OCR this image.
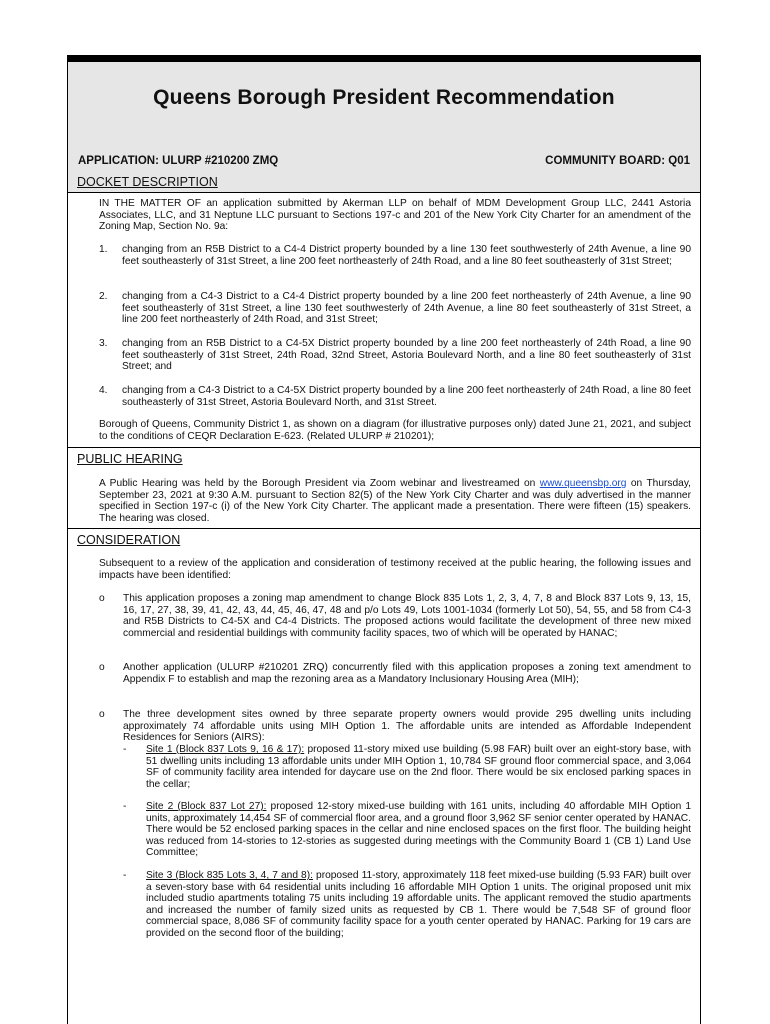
Queens Borough President Recommendation
APPLICATION: ULURP #210200 ZMQ	COMMUNITY BOARD: Q01
DOCKET DESCRIPTION
IN THE MATTER OF an application submitted by Akerman LLP on behalf of MDM Development Group LLC, 2441 Astoria Associates, LLC, and 31 Neptune LLC pursuant to Sections 197-c and 201 of the New York City Charter for an amendment of the Zoning Map, Section No. 9a:
1. changing from an R5B District to a C4-4 District property bounded by a line 130 feet southwesterly of 24th Avenue, a line 90 feet southeasterly of 31st Street, a line 200 feet northeasterly of 24th Road, and a line 80 feet southeasterly of 31st Street;
2. changing from a C4-3 District to a C4-4 District property bounded by a line 200 feet northeasterly of 24th Avenue, a line 90 feet southeasterly of 31st Street, a line 130 feet southwesterly of 24th Avenue, a line 80 feet southeasterly of 31st Street, a line 200 feet northeasterly of 24th Road, and 31st Street;
3. changing from an R5B District to a C4-5X District property bounded by a line 200 feet northeasterly of 24th Road, a line 90 feet southeasterly of 31st Street, 24th Road, 32nd Street, Astoria Boulevard North, and a line 80 feet southeasterly of 31st Street; and
4. changing from a C4-3 District to a C4-5X District property bounded by a line 200 feet northeasterly of 24th Road, a line 80 feet southeasterly of 31st Street, Astoria Boulevard North, and 31st Street.
Borough of Queens, Community District 1, as shown on a diagram (for illustrative purposes only) dated June 21, 2021, and subject to the conditions of CEQR Declaration E-623. (Related ULURP # 210201);
PUBLIC HEARING
A Public Hearing was held by the Borough President via Zoom webinar and livestreamed on www.queensbp.org on Thursday, September 23, 2021 at 9:30 A.M. pursuant to Section 82(5) of the New York City Charter and was duly advertised in the manner specified in Section 197-c (i) of the New York City Charter. The applicant made a presentation. There were fifteen (15) speakers. The hearing was closed.
CONSIDERATION
Subsequent to a review of the application and consideration of testimony received at the public hearing, the following issues and impacts have been identified:
o This application proposes a zoning map amendment to change Block 835 Lots 1, 2, 3, 4, 7, 8 and Block 837 Lots 9, 13, 15, 16, 17, 27, 38, 39, 41, 42, 43, 44, 45, 46, 47, 48 and p/o Lots 49, Lots 1001-1034 (formerly Lot 50), 54, 55, and 58 from C4-3 and R5B Districts to C4-5X and C4-4 Districts. The proposed actions would facilitate the development of three new mixed commercial and residential buildings with community facility spaces, two of which will be operated by HANAC;
o Another application (ULURP #210201 ZRQ) concurrently filed with this application proposes a zoning text amendment to Appendix F to establish and map the rezoning area as a Mandatory Inclusionary Housing Area (MIH);
o The three development sites owned by three separate property owners would provide 295 dwelling units including approximately 74 affordable units using MIH Option 1. The affordable units are intended as Affordable Independent Residences for Seniors (AIRS):
- Site 1 (Block 837 Lots 9, 16 & 17): proposed 11-story mixed use building (5.98 FAR) built over an eight-story base, with 51 dwelling units including 13 affordable units under MIH Option 1, 10,784 SF ground floor commercial space, and 3,064 SF of community facility area intended for daycare use on the 2nd floor. There would be six enclosed parking spaces in the cellar;
- Site 2 (Block 837 Lot 27): proposed 12-story mixed-use building with 161 units, including 40 affordable MIH Option 1 units, approximately 14,454 SF of commercial floor area, and a ground floor 3,962 SF senior center operated by HANAC. There would be 52 enclosed parking spaces in the cellar and nine enclosed spaces on the first floor. The building height was reduced from 14-stories to 12-stories as suggested during meetings with the Community Board 1 (CB 1) Land Use Committee;
- Site 3 (Block 835 Lots 3, 4, 7 and 8): proposed 11-story, approximately 118 feet mixed-use building (5.93 FAR) built over a seven-story base with 64 residential units including 16 affordable MIH Option 1 units. The original proposed unit mix included studio apartments totaling 75 units including 19 affordable units. The applicant removed the studio apartments and increased the number of family sized units as requested by CB 1. There would be 7,548 SF of ground floor commercial space, 8,086 SF of community facility space for a youth center operated by HANAC. Parking for 19 cars are provided on the second floor of the building;
